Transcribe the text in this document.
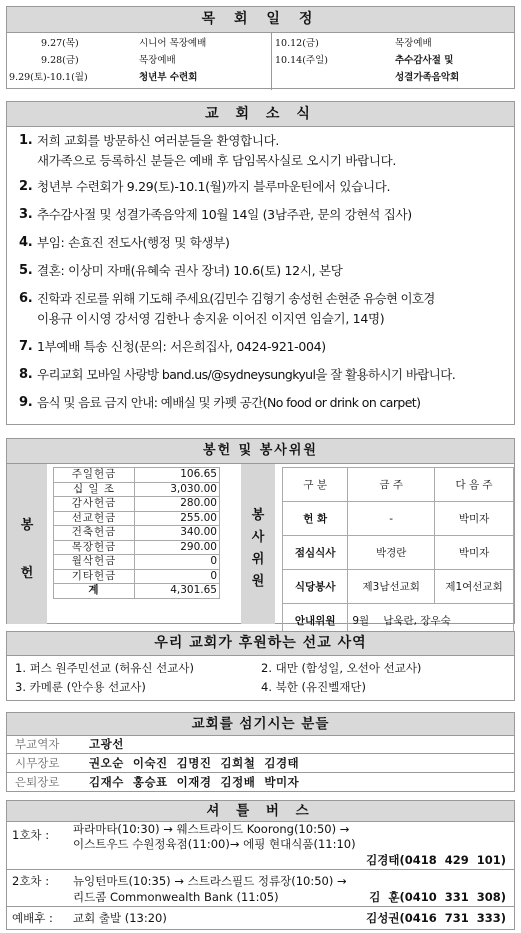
목 회 일 정
9.27(목)	시니어 목장예배	10.12(금)	목장예배
9.28(금)	목장예배	10.14(주일)	추수감사절 및
9.29(토)-10.1(월)	청년부 수련회	성결가족음악회
교 회 소 식
1. 저희 교회를 방문하신 여러분들을 환영합니다.
새가족으로 등록하신 분들은 예배 후 담임목사실로 오시기 바랍니다.
2. 청년부 수련회가 9.29(토)-10.1(월)까지 블루마운틴에서 있습니다.
3. 추수감사절 및 성결가족음악제 10월 14일 (3남주관, 문의 강현석 집사)
4. 부임: 손효진 전도사(행정 및 학생부)
5. 결혼: 이상미 자매(유혜숙 권사 장녀) 10.6(토) 12시, 본당
6. 진학과 진로를 위해 기도해 주세요(김민수 김형기 송성헌 손현준 유승현 이호경
이용규 이시영 강서영 김한나 송지윤 이어진 이지연 임슬기, 14명)
7. 1부예배 특송 신청(문의: 서은희집사, 0424-921-004)
8. 우리교회 모바일 사랑방 band.us/@sydneysungkyul을 잘 활용하시기 바랍니다.
9. 음식 및 음료 금지 안내: 예배실 및 카펫 공간(No food or drink on carpet)
봉헌 및 봉사위원
봉
헌
주일헌금	106.65
십 일 조	3,030.00
감사헌금	280.00
선교헌금	255.00
건축헌금	340.00
목장헌금	290.00
월삭헌금	0
기타헌금	0
계	4,301.65
봉
사
위
원
구 분	금 주	다 음 주
헌 화	-	박미자
점심식사	박경란	박미자
식당봉사	제3남선교회	제1여선교회
안내위원	9월 남욱란, 장우숙	
우리 교회가 후원하는 선교 사역
1. 퍼스 원주민선교 (허유신 선교사)	2. 대만 (함성일, 오선아 선교사)
3. 카메룬 (안수용 선교사)	4. 북한 (유진벨재단)
교회를 섬기시는 분들
부교역자	고광선
시무장로	권오순  이숙진  김명진  김희철  김경태
은퇴장로	김재수  홍승표  이재경  김정배  박미자
셔 틀 버 스
1호차 : 파라마타(10:30) → 웨스트라이드 Koorong(10:50) →
이스트우드 수원정육점(11:00)→ 에핑 현대식품(11:10)
김경태(0418  429  101)
2호차 : 뉴잉턴마트(10:35) → 스트라스필드 정류장(10:50) →
리드콤 Commonwealth Bank (11:05)	김  훈(0410  331  308)
예배후 : 교회 출발 (13:20)	김성권(0416  731  333)
